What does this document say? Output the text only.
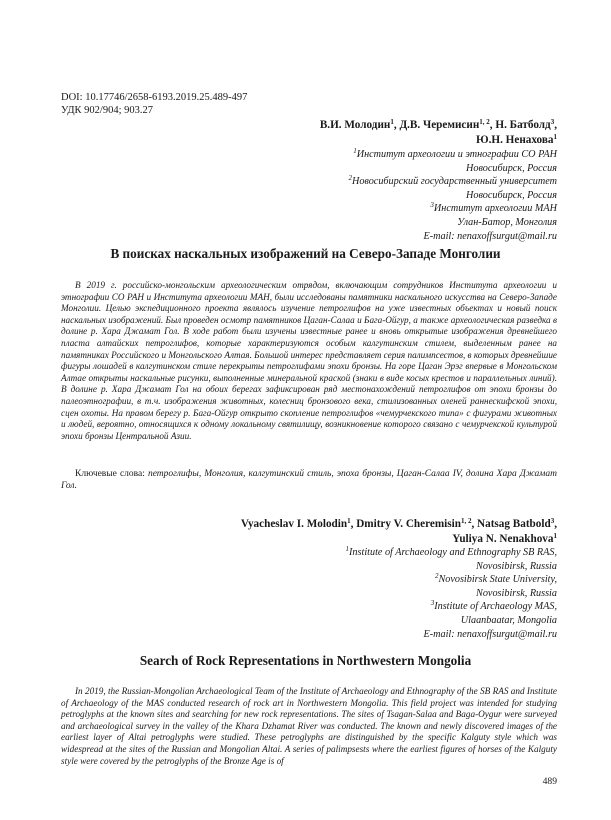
DOI: 10.17746/2658-6193.2019.25.489-497
УДК 902/904; 903.27
В.И. Молодин$^1$, Д.В. Черемисин$^{1, 2}$, Н. Батболд$^3$,
Ю.Н. Ненахова$^1$
$^1$Институт археологии и этнографии СО РАН
Новосибирск, Россия
$^2$Новосибирский государственный университет
Новосибирск, Россия
$^3$Институт археологии МАН
Улан-Батор, Монголия
E-mail: nenaxoffsurgut@mail.ru
В поисках наскальных изображений на Северо-Западе Монголии
В 2019 г. российско-монгольским археологическим отрядом, включающим сотрудников Института археологии и этнографии СО РАН и Института археологии МАН, были исследованы памятники наскального искусства на Северо-Западе Монголии. Целью экспедиционного проекта являлось изучение петроглифов на уже известных объектах и новый поиск наскальных изображений. Был проведен осмотр памятников Цаган-Салаа и Бага-Ойгур, а также археологическая разведка в долине р. Хара Джамат Гол. В ходе работ были изучены известные ранее и вновь открытые изображения древнейшего пласта алтайских петроглифов, которые характеризуются особым калгутинским стилем, выделенным ранее на памятниках Российского и Монгольского Алтая. Большой интерес представляет серия палимпсестов, в которых древнейшие фигуры лошадей в калгутинском стиле перекрыты петроглифами эпохи бронзы. На горе Цаган Эрэг впервые в Монгольском Алтае открыты наскальные рисунки, выполненные минеральной краской (знаки в виде косых крестов и параллельных линий). В долине р. Хара Джамат Гол на обоих берегах зафиксирован ряд местонахождений петроглифов от эпохи бронзы до палеоэтнографии, в т.ч. изображения животных, колесниц бронзового века, стилизованных оленей раннескифской эпохи, сцен охоты. На правом берегу р. Бага-Ойгур открыто скопление петроглифов «чемурчекского типа» с фигурами животных и людей, вероятно, относящихся к одному локальному святилищу, возникновение которого связано с чемурчекской культурой эпохи бронзы Центральной Азии.
Ключевые слова: петроглифы, Монголия, калгутинский стиль, эпоха бронзы, Цаган-Салаа IV, долина Хара Джамат Гол.
Vyacheslav I. Molodin$^1$, Dmitry V. Cheremisin$^{1, 2}$, Natsag Batbold$^3$,
Yuliya N. Nenakhova$^1$
$^1$Institute of Archaeology and Ethnography SB RAS,
Novosibirsk, Russia
$^2$Novosibirsk State University,
Novosibirsk, Russia
$^3$Institute of Archaeology MAS,
Ulaanbaatar, Mongolia
E-mail: nenaxoffsurgut@mail.ru
Search of Rock Representations in Northwestern Mongolia
In 2019, the Russian-Mongolian Archaeological Team of the Institute of Archaeology and Ethnography of the SB RAS and Institute of Archaeology of the MAS conducted research of rock art in Northwestern Mongolia. This field project was intended for studying petroglyphs at the known sites and searching for new rock representations. The sites of Tsagan-Salaa and Baga-Oygur were surveyed and archaeological survey in the valley of the Khara Dzhamat River was conducted. The known and newly discovered images of the earliest layer of Altai petroglyphs were studied. These petroglyphs are distinguished by the specific Kalguty style which was widespread at the sites of the Russian and Mongolian Altai. A series of palimpsests where the earliest figures of horses of the Kalguty style were covered by the petroglyphs of the Bronze Age is of
489
